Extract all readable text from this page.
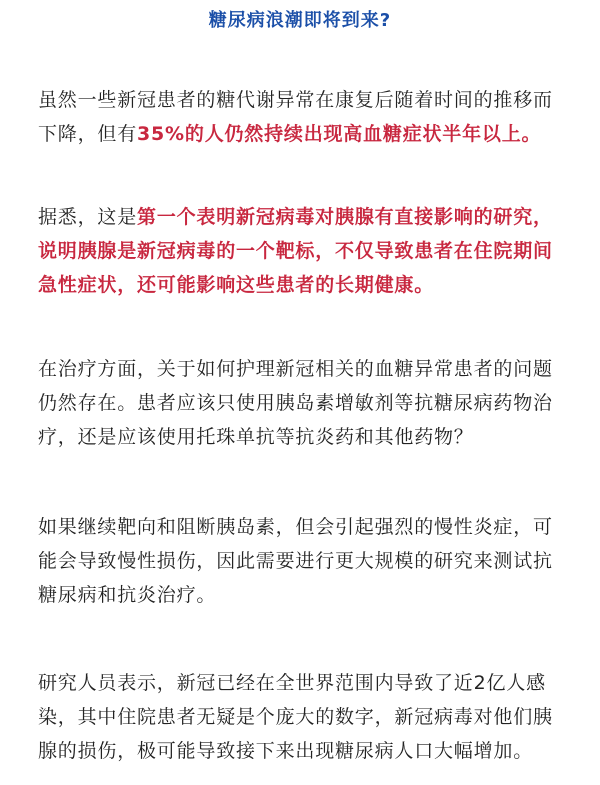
糖尿病浪潮即将到来?
虽然一些新冠患者的糖代谢异常在康复后随着时间的推移而下降，但有35%的人仍然持续出现高血糖症状半年以上。
据悉，这是第一个表明新冠病毒对胰腺有直接影响的研究，说明胰腺是新冠病毒的一个靶标，不仅导致患者在住院期间急性症状，还可能影响这些患者的长期健康。
在治疗方面，关于如何护理新冠相关的血糖异常患者的问题仍然存在。患者应该只使用胰岛素增敏剂等抗糖尿病药物治疗，还是应该使用托珠单抗等抗炎药和其他药物？
如果继续靶向和阻断胰岛素，但会引起强烈的慢性炎症，可能会导致慢性损伤，因此需要进行更大规模的研究来测试抗糖尿病和抗炎治疗。
研究人员表示，新冠已经在全世界范围内导致了近2亿人感染，其中住院患者无疑是个庞大的数字，新冠病毒对他们胰腺的损伤，极可能导致接下来出现糖尿病人口大幅增加。
